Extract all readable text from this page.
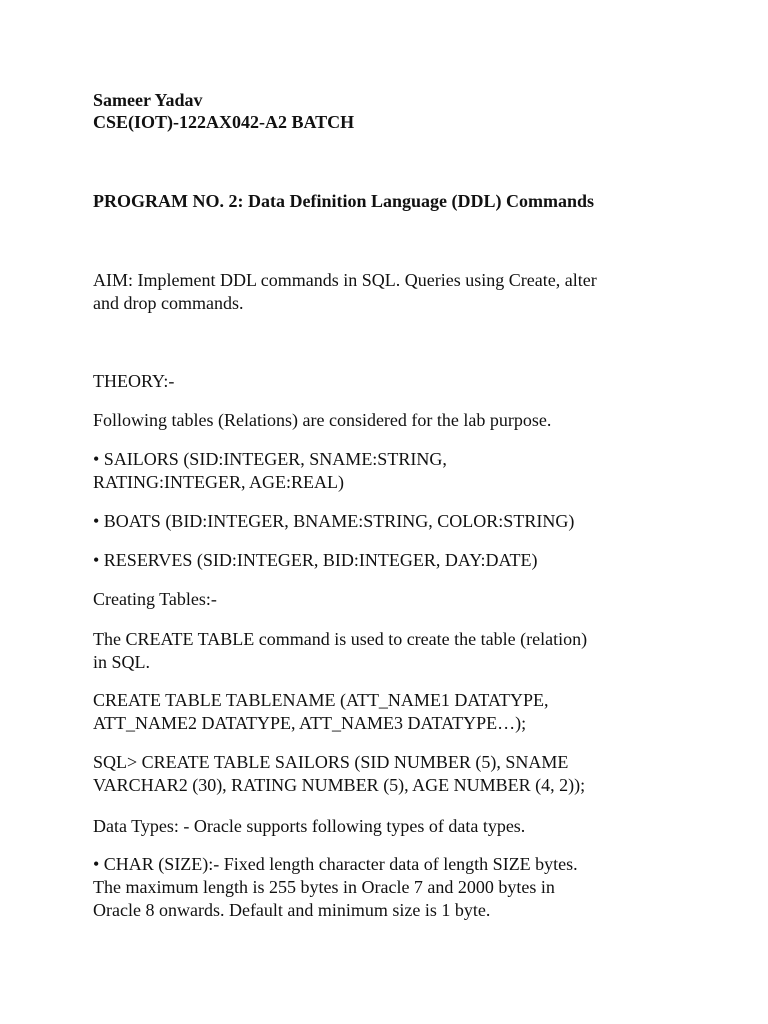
Sameer Yadav

CSE(IOT)-122AX042-A2 BATCH

PROGRAM NO. 2: Data Definition Language (DDL) Commands

AIM: Implement DDL commands in SQL. Queries using Create, alter

and drop commands.

THEORY:-

Following tables (Relations) are considered for the lab purpose.

• SAILORS (SID:INTEGER, SNAME:STRING,

RATING:INTEGER, AGE:REAL)

• BOATS (BID:INTEGER, BNAME:STRING, COLOR:STRING)

• RESERVES (SID:INTEGER, BID:INTEGER, DAY:DATE)

Creating Tables:-

The CREATE TABLE command is used to create the table (relation)

in SQL.

CREATE TABLE TABLENAME (ATT_NAME1 DATATYPE,

ATT_NAME2 DATATYPE, ATT_NAME3 DATATYPE…);

SQL> CREATE TABLE SAILORS (SID NUMBER (5), SNAME

VARCHAR2 (30), RATING NUMBER (5), AGE NUMBER (4, 2));

Data Types: - Oracle supports following types of data types.

• CHAR (SIZE):- Fixed length character data of length SIZE bytes.

The maximum length is 255 bytes in Oracle 7 and 2000 bytes in

Oracle 8 onwards. Default and minimum size is 1 byte.
